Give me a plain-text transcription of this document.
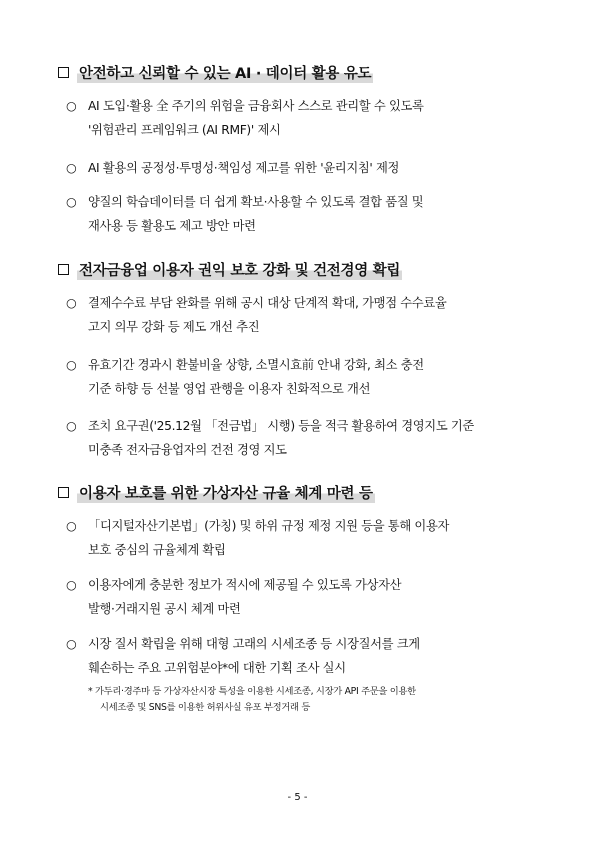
안전하고 신뢰할 수 있는 AI · 데이터 활용 유도
○ AI 도입·활용 全 주기의 위험을 금융회사 스스로 관리할 수 있도록
'위험관리 프레임워크 (AI RMF)' 제시
○ AI 활용의 공정성·투명성·책임성 제고를 위한 '윤리지침' 제정
○ 양질의 학습데이터를 더 쉽게 확보·사용할 수 있도록 결합 품질 및
재사용 등 활용도 제고 방안 마련
전자금융업 이용자 권익 보호 강화 및 건전경영 확립
○ 결제수수료 부담 완화를 위해 공시 대상 단계적 확대, 가맹점 수수료율
고지 의무 강화 등 제도 개선 추진
○ 유효기간 경과시 환불비율 상향, 소멸시효前 안내 강화, 최소 충전
기준 하향 등 선불 영업 관행을 이용자 친화적으로 개선
○ 조치 요구권('25.12월 「전금법」 시행) 등을 적극 활용하여 경영지도 기준
미충족 전자금융업자의 건전 경영 지도
이용자 보호를 위한 가상자산 규율 체계 마련 등
○ 「디지털자산기본법」(가칭) 및 하위 규정 제정 지원 등을 통해 이용자
보호 중심의 규율체계 확립
○ 이용자에게 충분한 정보가 적시에 제공될 수 있도록 가상자산
발행·거래지원 공시 체계 마련
○ 시장 질서 확립을 위해 대형 고래의 시세조종 등 시장질서를 크게
훼손하는 주요 고위험분야*에 대한 기획 조사 실시
* 가두리·경주마 등 가상자산시장 특성을 이용한 시세조종, 시장가 API 주문을 이용한
시세조종 및 SNS를 이용한 허위사실 유포 부정거래 등
- 5 -
